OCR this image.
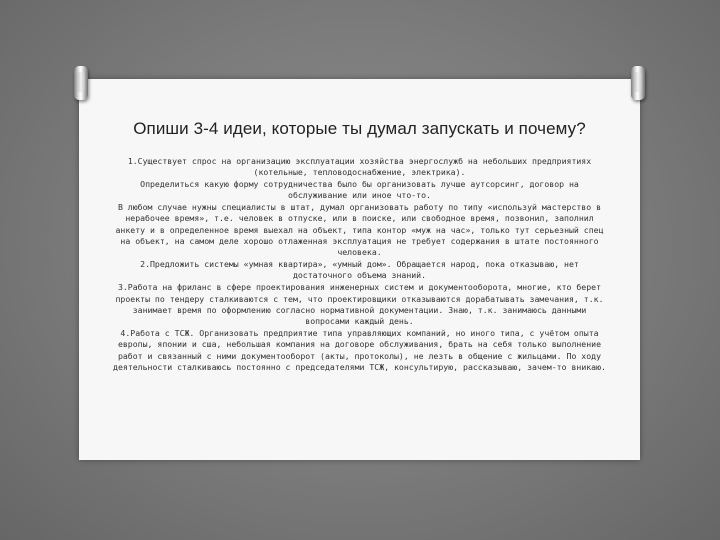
Опиши 3-4 идеи, которые ты думал запускать и почему?

1.Существует спрос на организацию эксплуатации хозяйства энергослужб на небольших предприятиях (котельные, тепловодоснабжение, электрика).

Определиться какую форму сотрудничества было бы организовать лучше аутсорсинг, договор на обслуживание или иное что-то.

В любом случае нужны специалисты в штат, думал организовать работу по типу «используй мастерство в нерабочее время», т.е. человек в отпуске, или в поиске, или свободное время, позвонил, заполнил анкету и в определенное время выехал на объект, типа контор «муж на час», только тут серьезный спец на объект, на самом деле хорошо отлаженная эксплуатация не требует содержания в штате постоянного человека.

2.Предложить системы «умная квартира», «умный дом». Обращается народ, пока отказываю, нет достаточного объема знаний.

3.Работа на фриланс в сфере проектирования инженерных систем и документооборота, многие, кто берет проекты по тендеру сталкиваются с тем, что проектировщики отказываются дорабатывать замечания, т.к. занимает время по оформлению согласно нормативной документации. Знаю, т.к. занимаюсь данными вопросами каждый день.

4.Работа с ТСЖ. Организовать предприятие типа управляющих компаний, но иного типа, с учётом опыта европы, японии и сша, небольшая компания на договоре обслуживания, брать на себя только выполнение работ и связанный с ними документооборот (акты, протоколы), не лезть в общение с жильцами. По ходу деятельности сталкиваюсь постоянно с председателями ТСЖ, консультирую, рассказываю, зачем-то вникаю.
